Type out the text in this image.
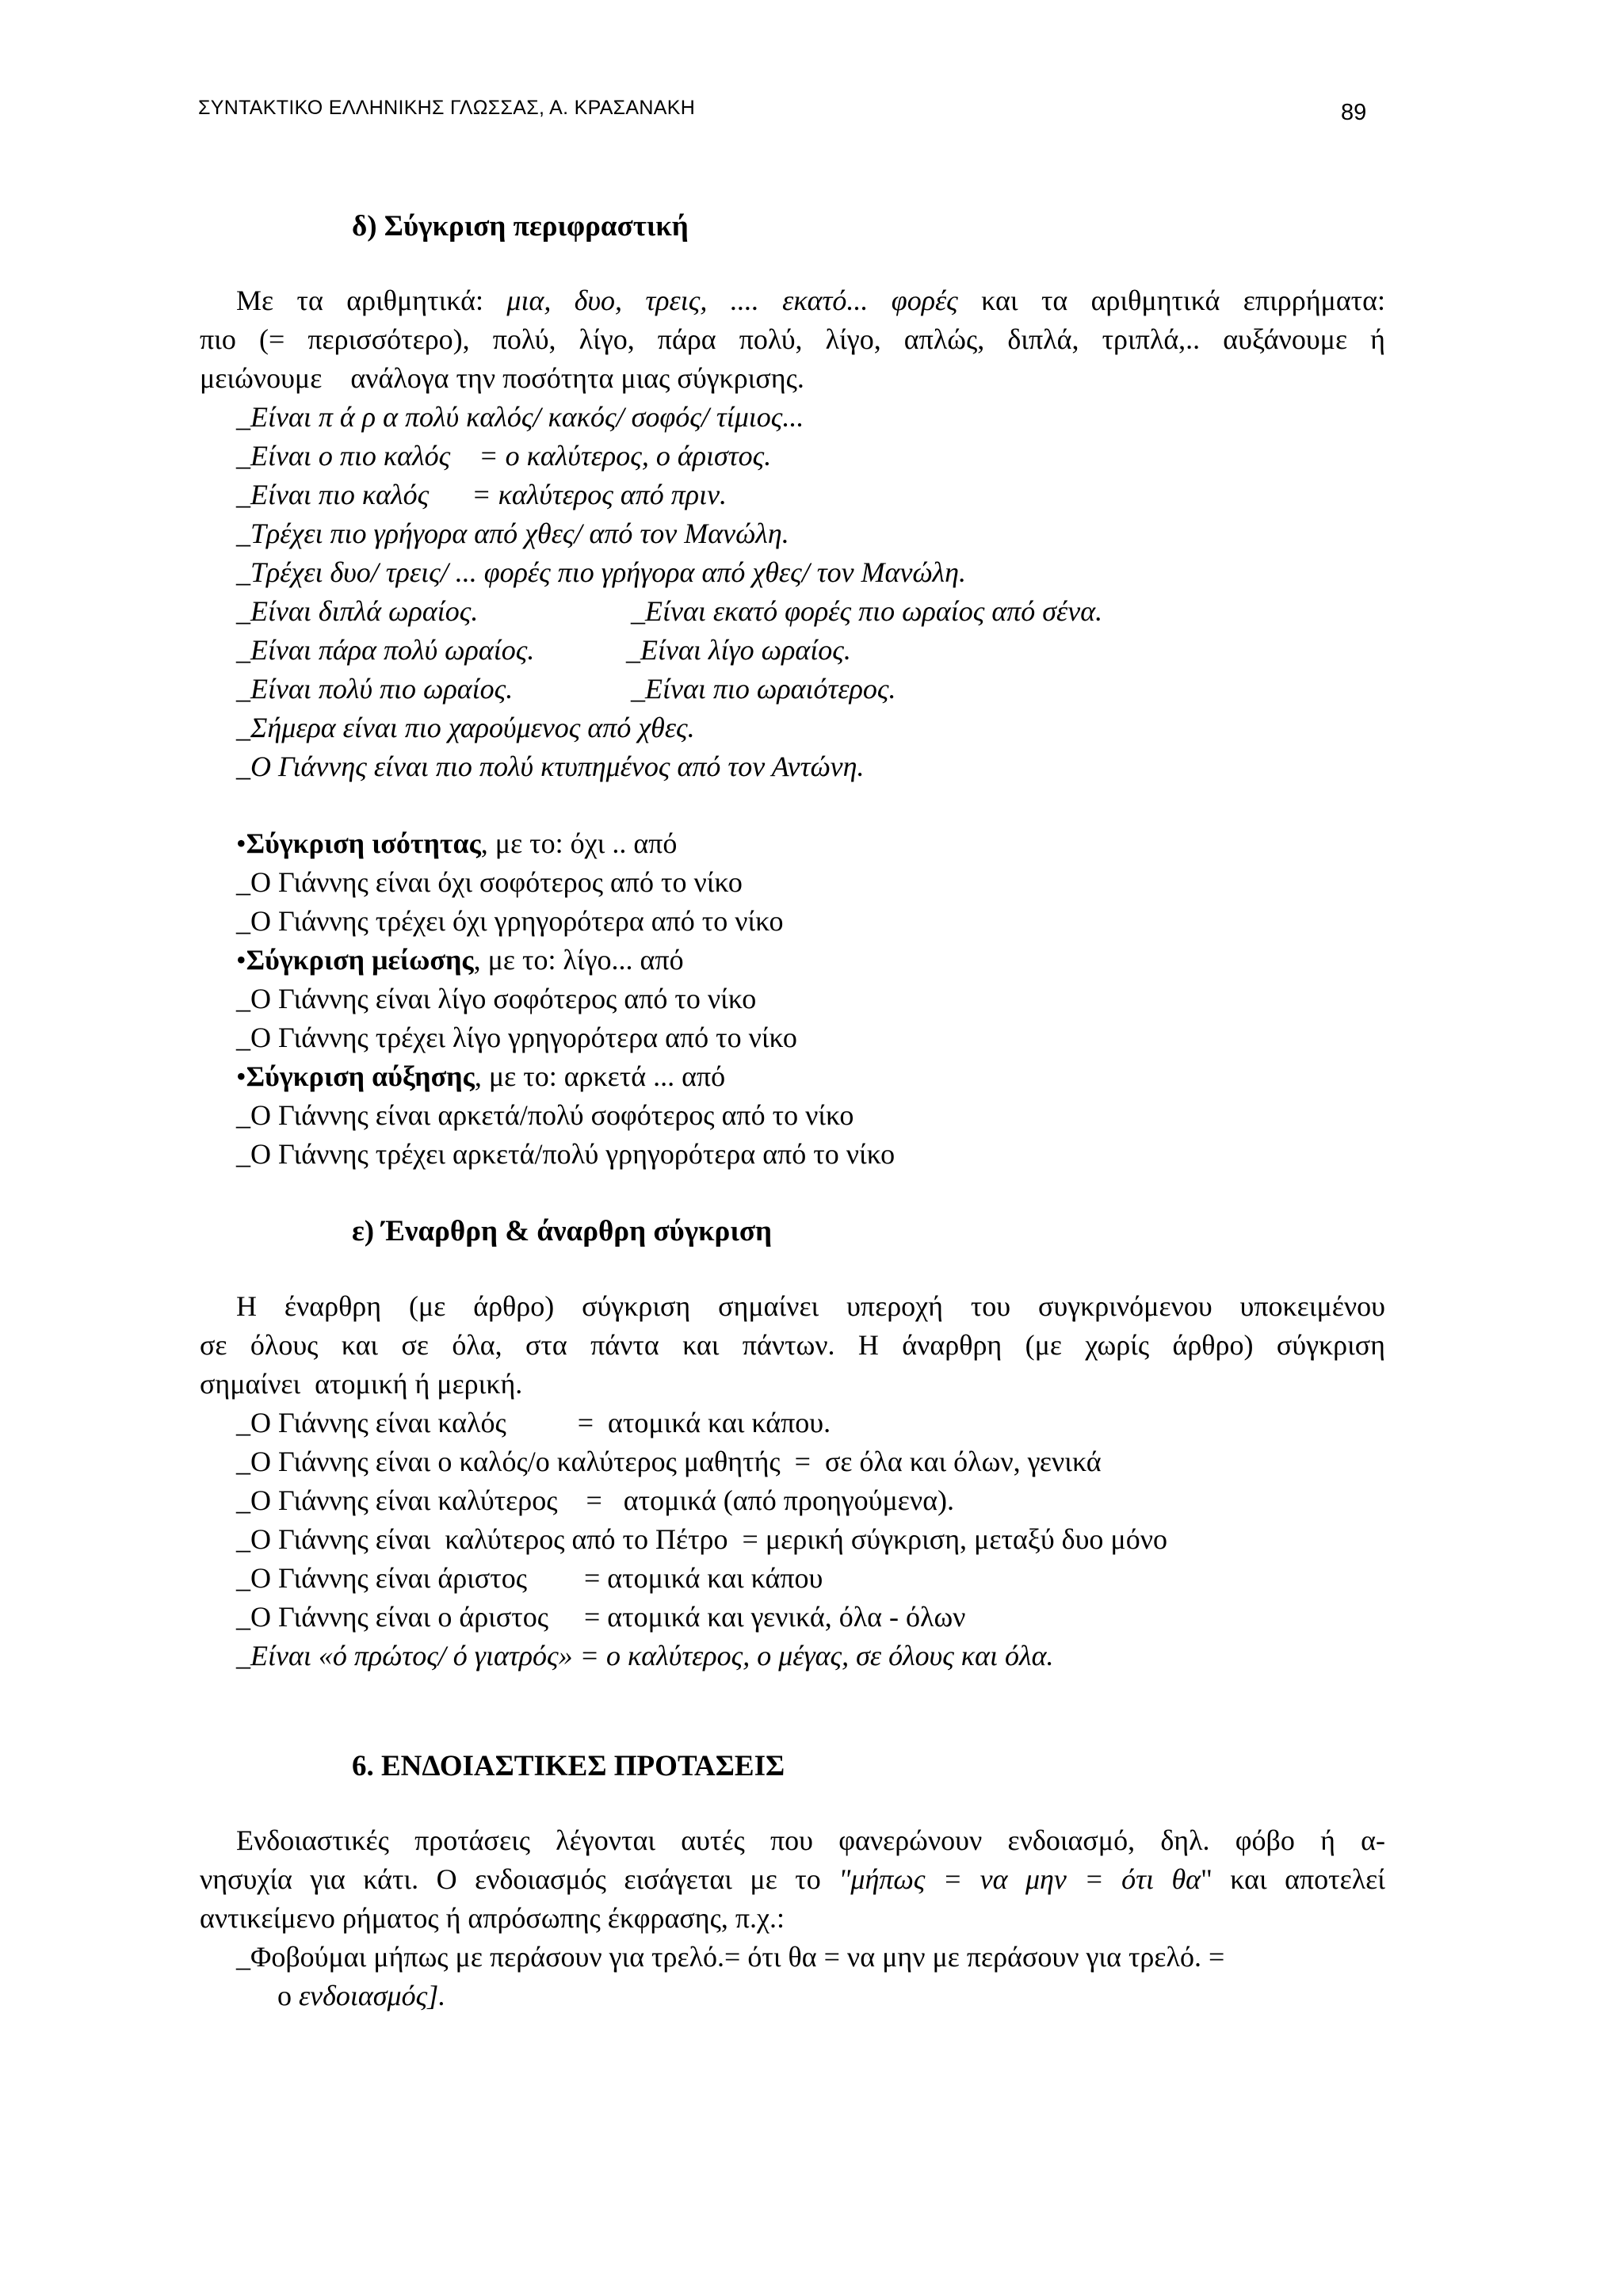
ΣΥΝΤΑΚΤΙΚΟ ΕΛΛΗΝΙΚΗΣ ΓΛΩΣΣΑΣ, Α. ΚΡΑΣΑΝΑΚΗ	89
δ) Σύγκριση περιφραστική
Με τα αριθμητικά: μια, δυο, τρεις, .... εκατό... φορές και τα αριθμητικά επιρρήματα:
πιο (= περισσότερο), πολύ, λίγο, πάρα πολύ, λίγο, απλώς, διπλά, τριπλά,.. αυξάνουμε ή
μειώνουμε    ανάλογα την ποσότητα μιας σύγκρισης.
_Είναι π ά ρ α πολύ καλός/ κακός/ σοφός/ τίμιος...
_Είναι ο πιο καλός    = ο καλύτερος, ο άριστος.
_Είναι πιο καλός      = καλύτερος από πριν.
_Τρέχει πιο γρήγορα από χθες/ από τον Μανώλη.
_Τρέχει δυο/ τρεις/ ... φορές πιο γρήγορα από χθες/ τον Μανώλη.
_Είναι διπλά ωραίος.	_Είναι εκατό φορές πιο ωραίος από σένα.
_Είναι πάρα πολύ ωραίος.	_Είναι λίγο ωραίος.
_Είναι πολύ πιο ωραίος.	_Είναι πιο ωραιότερος.
_Σήμερα είναι πιο χαρούμενος από χθες.
_Ο Γιάννης είναι πιο πολύ κτυπημένος από τον Αντώνη.
•Σύγκριση ισότητας, με το: όχι .. από
_Ο Γιάννης είναι όχι σοφότερος από το νίκο
_Ο Γιάννης τρέχει όχι γρηγορότερα από το νίκο
•Σύγκριση μείωσης, με το: λίγο... από
_Ο Γιάννης είναι λίγο σοφότερος από το νίκο
_Ο Γιάννης τρέχει λίγο γρηγορότερα από το νίκο
•Σύγκριση αύξησης, με το: αρκετά ... από
_Ο Γιάννης είναι αρκετά/πολύ σοφότερος από το νίκο
_Ο Γιάννης τρέχει αρκετά/πολύ γρηγορότερα από το νίκο
ε) Έναρθρη & άναρθρη σύγκριση
Η έναρθρη (με άρθρο) σύγκριση σημαίνει υπεροχή του συγκρινόμενου υποκειμένου
σε όλους και σε όλα, στα πάντα και πάντων. Η άναρθρη (με χωρίς άρθρο) σύγκριση
σημαίνει  ατομική ή μερική.
_Ο Γιάννης είναι καλός          =  ατομικά και κάπου.
_Ο Γιάννης είναι ο καλός/ο καλύτερος μαθητής  =  σε όλα και όλων, γενικά
_Ο Γιάννης είναι καλύτερος    =   ατομικά (από προηγούμενα).
_Ο Γιάννης είναι  καλύτερος από το Πέτρο  = μερική σύγκριση, μεταξύ δυο μόνο
_Ο Γιάννης είναι άριστος        = ατομικά και κάπου
_Ο Γιάννης είναι ο άριστος     = ατομικά και γενικά, όλα - όλων
_Είναι «ό πρώτος/ ό γιατρός» = ο καλύτερος, ο μέγας, σε όλους και όλα.
6. ΕΝΔΟΙΑΣΤΙΚΕΣ ΠΡΟΤΑΣΕΙΣ
Ενδοιαστικές προτάσεις λέγονται αυτές που φανερώνουν ενδοιασμό, δηλ. φόβο ή α-
νησυχία για κάτι. Ο ενδοιασμός εισάγεται με το "μήπως = να μην = ότι θα" και αποτελεί
αντικείμενο ρήματος ή απρόσωπης έκφρασης, π.χ.:
_Φοβούμαι μήπως με περάσουν για τρελό.= ότι θα = να μην με περάσουν για τρελό. =
ο ενδοιασμός].
